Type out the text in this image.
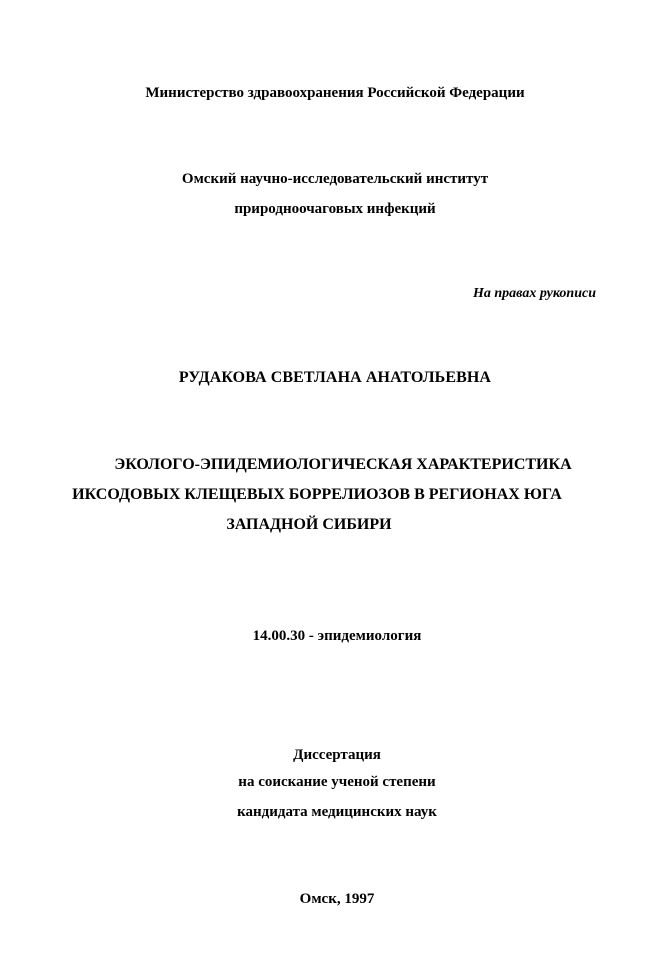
Министерство здравоохранения Российской Федерации
Омский научно-исследовательский институт
природноочаговых инфекций
На правах рукописи
РУДАКОВА СВЕТЛАНА АНАТОЛЬЕВНА
ЭКОЛОГО-ЭПИДЕМИОЛОГИЧЕСКАЯ ХАРАКТЕРИСТИКА
ИКСОДОВЫХ КЛЕЩЕВЫХ БОРРЕЛИОЗОВ В РЕГИОНАХ ЮГА
ЗАПАДНОЙ СИБИРИ
14.00.30 - эпидемиология
Диссертация
на соискание ученой степени
кандидата медицинских наук
Омск, 1997
